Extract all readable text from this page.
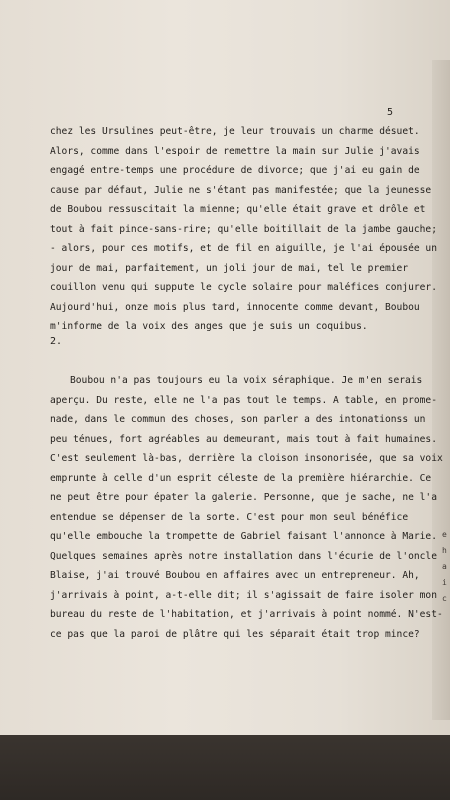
e
h
a
i
c
5
chez les Ursulines peut-être, je leur trouvais un charme désuet.
Alors, comme dans l'espoir de remettre la main sur Julie j'avais
engagé entre-temps une procédure de divorce; que j'ai eu gain de
cause par défaut, Julie ne s'étant pas manifestée; que la jeunesse
de Boubou ressuscitait la mienne; qu'elle était grave et drôle et
tout à fait pince-sans-rire; qu'elle boitillait de la jambe gauche;
- alors, pour ces motifs, et de fil en aiguille, je l'ai épousée un
jour de mai, parfaitement, un joli jour de mai, tel le premier
couillon venu qui suppute le cycle solaire pour maléfices conjurer.
Aujourd'hui, onze mois plus tard, innocente comme devant, Boubou
m'informe de la voix des anges que je suis un coquibus.
2.
Boubou n'a pas toujours eu la voix séraphique. Je m'en serais
aperçu. Du reste, elle ne l'a pas tout le temps. A table, en prome-
nade, dans le commun des choses, son parler a des intonationss un
peu ténues, fort agréables au demeurant, mais tout à fait humaines.
C'est seulement là-bas, derrière la cloison insonorisée, que sa voix
emprunte à celle d'un esprit céleste de la première hiérarchie. Ce
ne peut être pour épater la galerie. Personne, que je sache, ne l'a
entendue se dépenser de la sorte. C'est pour mon seul bénéfice
qu'elle embouche la trompette de Gabriel faisant l'annonce à Marie.
Quelques semaines après notre installation dans l'écurie de l'oncle
Blaise, j'ai trouvé Boubou en affaires avec un entrepreneur. Ah,
j'arrivais à point, a-t-elle dit; il s'agissait de faire isoler mon
bureau du reste de l'habitation, et j'arrivais à point nommé. N'est-
ce pas que la paroi de plâtre qui les séparait était trop mince?
